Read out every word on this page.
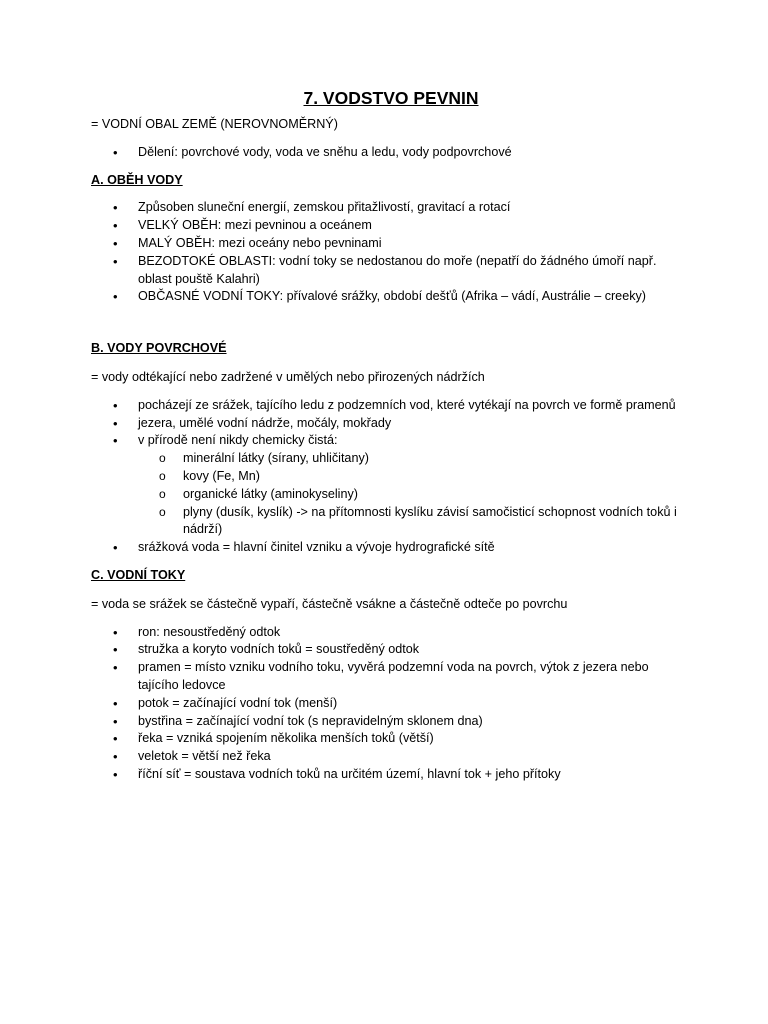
7. VODSTVO PEVNIN

= VODNÍ OBAL ZEMĚ (NEROVNOMĚRNÝ)

• Dělení: povrchové vody, voda ve sněhu a ledu, vody podpovrchové

A. OBĚH VODY

• Způsoben sluneční energií, zemskou přitažlivostí, gravitací a rotací
• VELKÝ OBĚH: mezi pevninou a oceánem
• MALÝ OBĚH: mezi oceány nebo pevninami
• BEZODTOKÉ OBLASTI: vodní toky se nedostanou do moře (nepatří do žádného úmoří např. oblast pouště Kalahri)
• OBČASNÉ VODNÍ TOKY: přívalové srážky, období dešťů (Afrika – vádí, Austrálie – creeky)

B. VODY POVRCHOVÉ

= vody odtékající nebo zadržené v umělých nebo přirozených nádržích

• pocházejí ze srážek, tajícího ledu z podzemních vod, které vytékají na povrch ve formě pramenů
• jezera, umělé vodní nádrže, močály, mokřady
• v přírodě není nikdy chemicky čistá:
o minerální látky (sírany, uhličitany)
o kovy (Fe, Mn)
o organické látky (aminokyseliny)
o plyny (dusík, kyslík) -> na přítomnosti kyslíku závisí samočisticí schopnost vodních toků i nádrží)
• srážková voda = hlavní činitel vzniku a vývoje hydrografické sítě

C. VODNÍ TOKY

= voda se srážek se částečně vypaří, částečně vsákne a částečně odteče po povrchu

• ron: nesoustředěný odtok
• stružka a koryto vodních toků = soustředěný odtok
• pramen = místo vzniku vodního toku, vyvěrá podzemní voda na povrch, výtok z jezera nebo tajícího ledovce
• potok = začínající vodní tok (menší)
• bystřina = začínající vodní tok (s nepravidelným sklonem dna)
• řeka = vzniká spojením několika menších toků (větší)
• veletok = větší než řeka
• říční síť = soustava vodních toků na určitém území, hlavní tok + jeho přítoky
